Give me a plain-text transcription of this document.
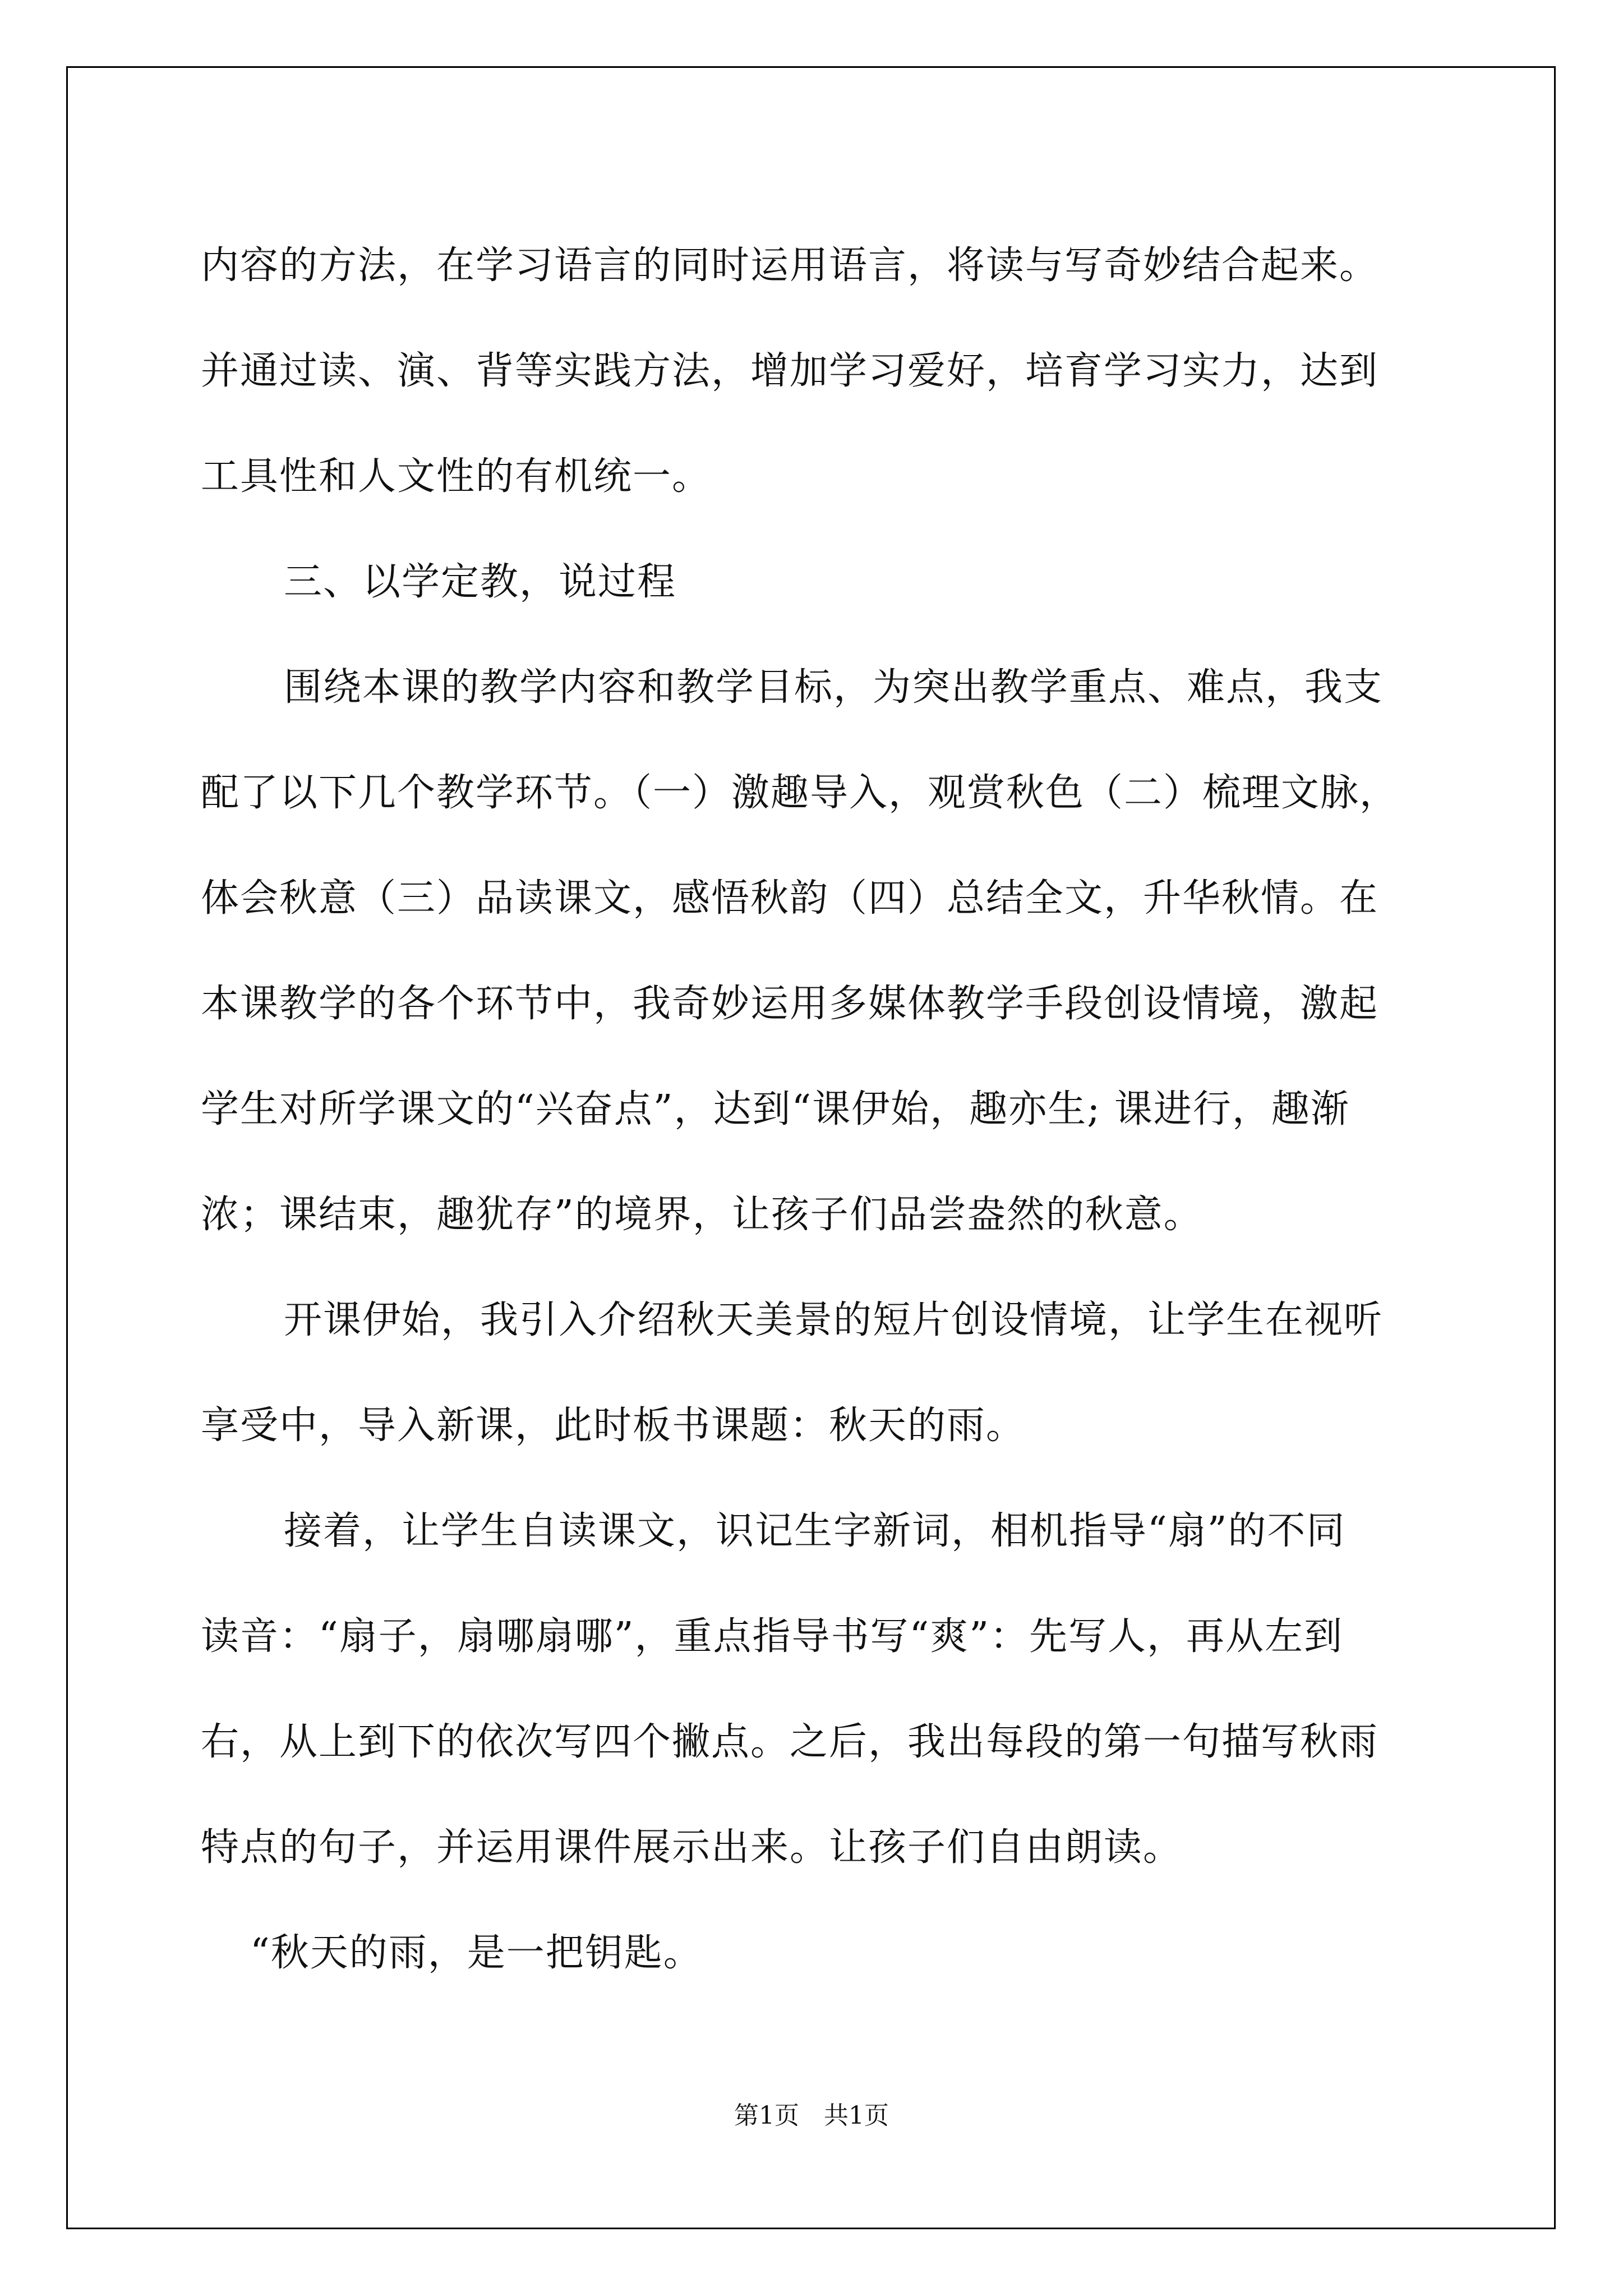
内容的方法，在学习语言的同时运用语言，将读与写奇妙结合起来。
并通过读、演、背等实践方法，增加学习爱好，培育学习实力，达到
工具性和人文性的有机统一。
三、以学定教，说过程
围绕本课的教学内容和教学目标，为突出教学重点、难点，我支
配了以下几个教学环节。（一）激趣导入，观赏秋色（二）梳理文脉，
体会秋意（三）品读课文，感悟秋韵（四）总结全文，升华秋情。在
本课教学的各个环节中，我奇妙运用多媒体教学手段创设情境，激起
学生对所学课文的“兴奋点”，达到“课伊始，趣亦生; 课进行，趣渐
浓；课结束，趣犹存”的境界，让孩子们品尝盎然的秋意。
开课伊始，我引入介绍秋天美景的短片创设情境，让学生在视听
享受中，导入新课，此时板书课题：秋天的雨。
接着，让学生自读课文，识记生字新词，相机指导“扇”的不同
读音：“扇子，扇哪扇哪”，重点指导书写“爽”：先写人，再从左到
右，从上到下的依次写四个撇点。之后，我出每段的第一句描写秋雨
特点的句子，并运用课件展示出来。让孩子们自由朗读。
“秋天的雨，是一把钥匙。
第1页　共1页
